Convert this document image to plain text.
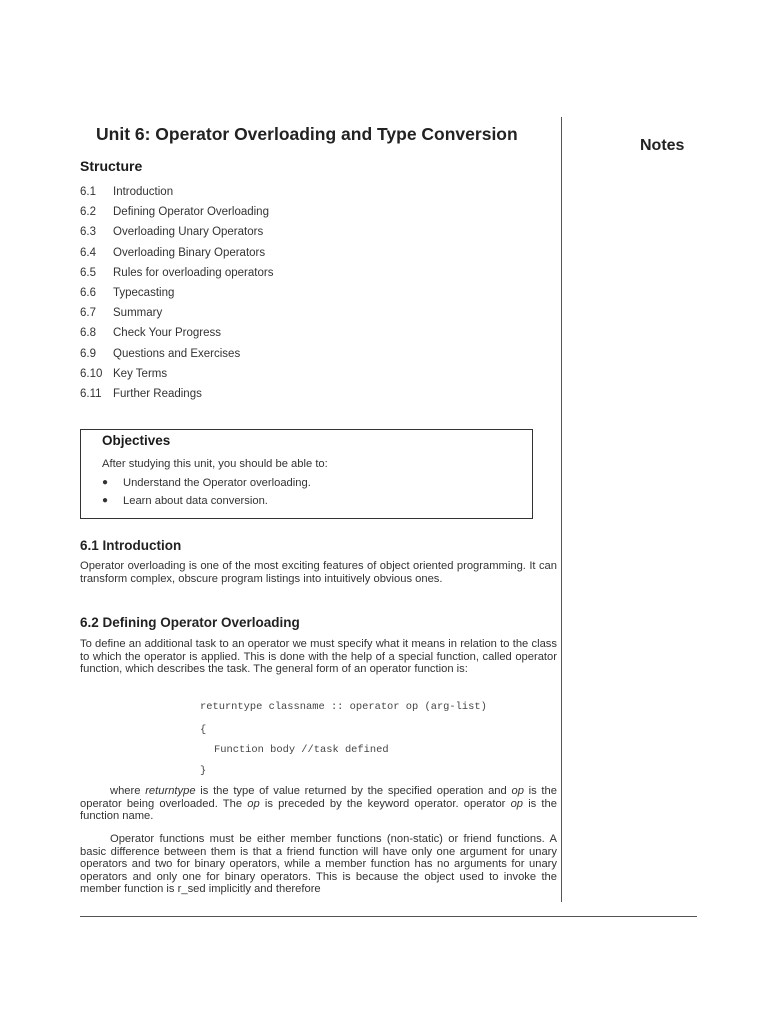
Notes
Unit 6: Operator Overloading and Type Conversion
Structure
6.1	Introduction
6.2	Defining Operator Overloading
6.3	Overloading Unary Operators
6.4	Overloading Binary Operators
6.5	Rules for overloading operators
6.6	Typecasting
6.7	Summary
6.8	Check Your Progress
6.9	Questions and Exercises
6.10 Key Terms
6.11 Further Readings
Objectives

After studying this unit, you should be able to:

●	Understand the Operator overloading.
●	Learn about data conversion.
6.1 Introduction

Operator overloading is one of the most exciting features of object oriented programming. It can transform complex, obscure program listings into intuitively obvious ones.

6.2 Defining Operator Overloading

To define an additional task to an operator we must specify what it means in relation to the class to which the operator is applied. This is done with the help of a special function, called operator function, which describes the task. The general form of an operator function is:

returntype classname :: operator op (arg-list)
{
Function body //task defined
}

where returntype is the type of value returned by the specified operation and op is the operator being overloaded. The op is preceded by the keyword operator. operator op is the function name.

Operator functions must be either member functions (non-static) or friend functions. A basic difference between them is that a friend function will have only one argument for unary operators and two for binary operators, while a member function has no arguments for unary operators and only one for binary operators. This is because the object used to invoke the member function is r_sed implicitly and therefore
